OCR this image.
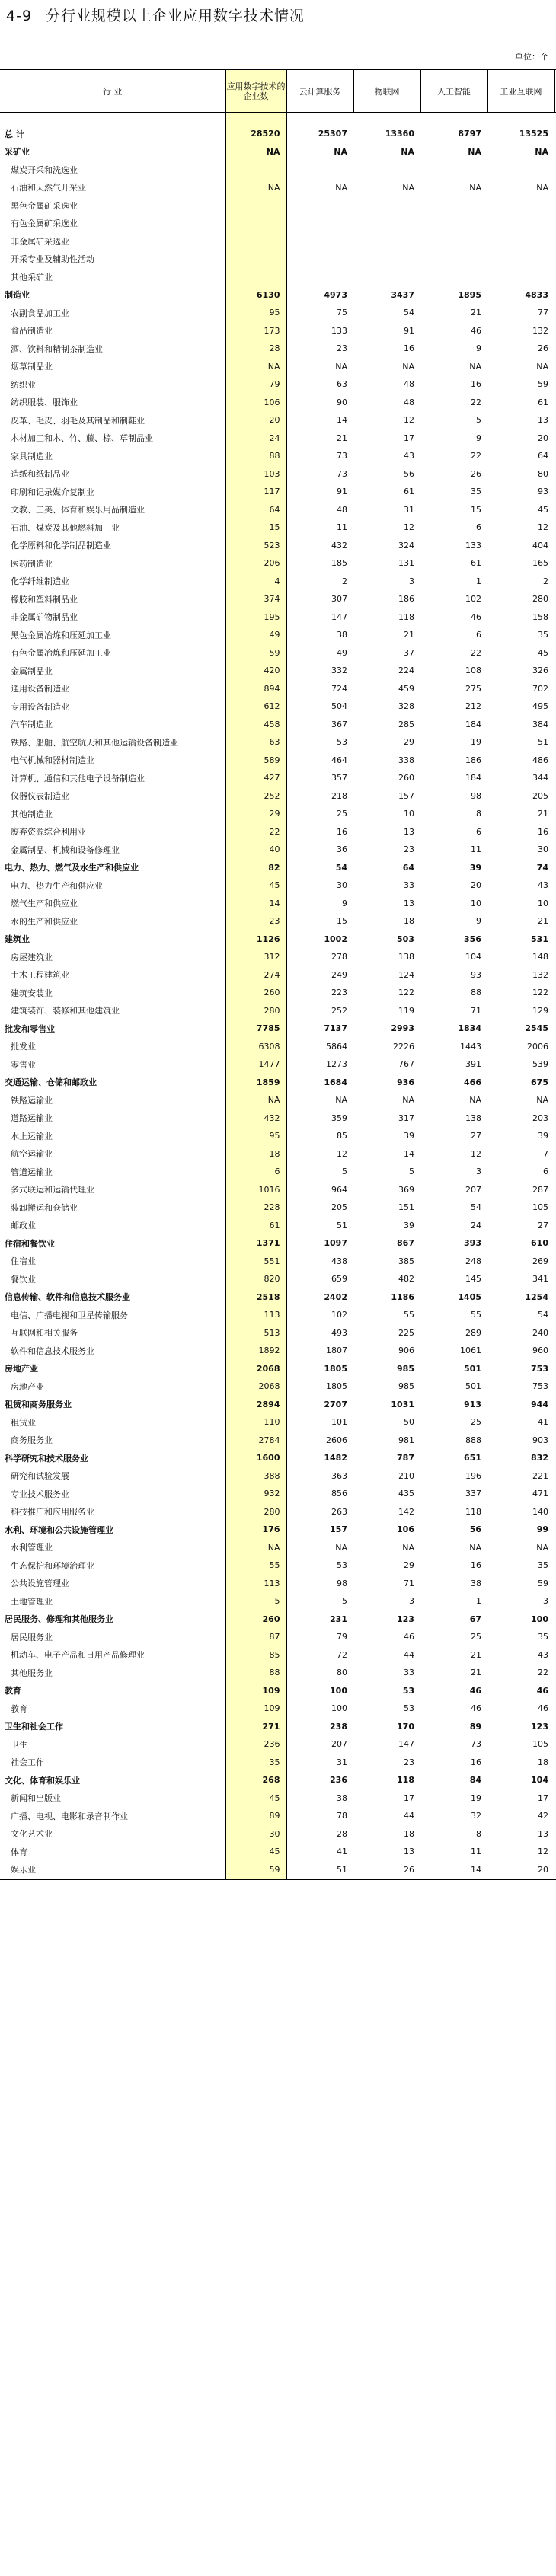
4-9 分行业规模以上企业应用数字技术情况
单位：个
行 业	应用数字技术的企业数	云计算服务	物联网	人工智能	工业互联网	

总 计	28520	25307	13360	8797	13525	
采矿业	NA	NA	NA	NA	NA	
煤炭开采和洗选业						
石油和天然气开采业	NA	NA	NA	NA	NA	
黑色金属矿采选业						
有色金属矿采选业						
非金属矿采选业						
开采专业及辅助性活动						
其他采矿业						
制造业	6130	4973	3437	1895	4833	
农副食品加工业	95	75	54	21	77	
食品制造业	173	133	91	46	132	
酒、饮料和精制茶制造业	28	23	16	9	26	
烟草制品业	NA	NA	NA	NA	NA	
纺织业	79	63	48	16	59	
纺织服装、服饰业	106	90	48	22	61	
皮革、毛皮、羽毛及其制品和制鞋业	20	14	12	5	13	
木材加工和木、竹、藤、棕、草制品业	24	21	17	9	20	
家具制造业	88	73	43	22	64	
造纸和纸制品业	103	73	56	26	80	
印刷和记录媒介复制业	117	91	61	35	93	
文教、工美、体育和娱乐用品制造业	64	48	31	15	45	
石油、煤炭及其他燃料加工业	15	11	12	6	12	
化学原料和化学制品制造业	523	432	324	133	404	
医药制造业	206	185	131	61	165	
化学纤维制造业	4	2	3	1	2	
橡胶和塑料制品业	374	307	186	102	280	
非金属矿物制品业	195	147	118	46	158	
黑色金属冶炼和压延加工业	49	38	21	6	35	
有色金属冶炼和压延加工业	59	49	37	22	45	
金属制品业	420	332	224	108	326	
通用设备制造业	894	724	459	275	702	
专用设备制造业	612	504	328	212	495	
汽车制造业	458	367	285	184	384	
铁路、船舶、航空航天和其他运输设备制造业	63	53	29	19	51	
电气机械和器材制造业	589	464	338	186	486	
计算机、通信和其他电子设备制造业	427	357	260	184	344	
仪器仪表制造业	252	218	157	98	205	
其他制造业	29	25	10	8	21	
废弃资源综合利用业	22	16	13	6	16	
金属制品、机械和设备修理业	40	36	23	11	30	
电力、热力、燃气及水生产和供应业	82	54	64	39	74	
电力、热力生产和供应业	45	30	33	20	43	
燃气生产和供应业	14	9	13	10	10	
水的生产和供应业	23	15	18	9	21	
建筑业	1126	1002	503	356	531	
房屋建筑业	312	278	138	104	148	
土木工程建筑业	274	249	124	93	132	
建筑安装业	260	223	122	88	122	
建筑装饰、装修和其他建筑业	280	252	119	71	129	
批发和零售业	7785	7137	2993	1834	2545	
批发业	6308	5864	2226	1443	2006	
零售业	1477	1273	767	391	539	
交通运输、仓储和邮政业	1859	1684	936	466	675	
铁路运输业	NA	NA	NA	NA	NA	
道路运输业	432	359	317	138	203	
水上运输业	95	85	39	27	39	
航空运输业	18	12	14	12	7	
管道运输业	6	5	5	3	6	
多式联运和运输代理业	1016	964	369	207	287	
装卸搬运和仓储业	228	205	151	54	105	
邮政业	61	51	39	24	27	
住宿和餐饮业	1371	1097	867	393	610	
住宿业	551	438	385	248	269	
餐饮业	820	659	482	145	341	
信息传输、软件和信息技术服务业	2518	2402	1186	1405	1254	
电信、广播电视和卫星传输服务	113	102	55	55	54	
互联网和相关服务	513	493	225	289	240	
软件和信息技术服务业	1892	1807	906	1061	960	
房地产业	2068	1805	985	501	753	
房地产业	2068	1805	985	501	753	
租赁和商务服务业	2894	2707	1031	913	944	
租赁业	110	101	50	25	41	
商务服务业	2784	2606	981	888	903	
科学研究和技术服务业	1600	1482	787	651	832	
研究和试验发展	388	363	210	196	221	
专业技术服务业	932	856	435	337	471	
科技推广和应用服务业	280	263	142	118	140	
水利、环境和公共设施管理业	176	157	106	56	99	
水利管理业	NA	NA	NA	NA	NA	
生态保护和环境治理业	55	53	29	16	35	
公共设施管理业	113	98	71	38	59	
土地管理业	5	5	3	1	3	
居民服务、修理和其他服务业	260	231	123	67	100	
居民服务业	87	79	46	25	35	
机动车、电子产品和日用产品修理业	85	72	44	21	43	
其他服务业	88	80	33	21	22	
教育	109	100	53	46	46	
教育	109	100	53	46	46	
卫生和社会工作	271	238	170	89	123	
卫生	236	207	147	73	105	
社会工作	35	31	23	16	18	
文化、体育和娱乐业	268	236	118	84	104	
新闻和出版业	45	38	17	19	17	
广播、电视、电影和录音制作业	89	78	44	32	42	
文化艺术业	30	28	18	8	13	
体育	45	41	13	11	12	
娱乐业	59	51	26	14	20	
